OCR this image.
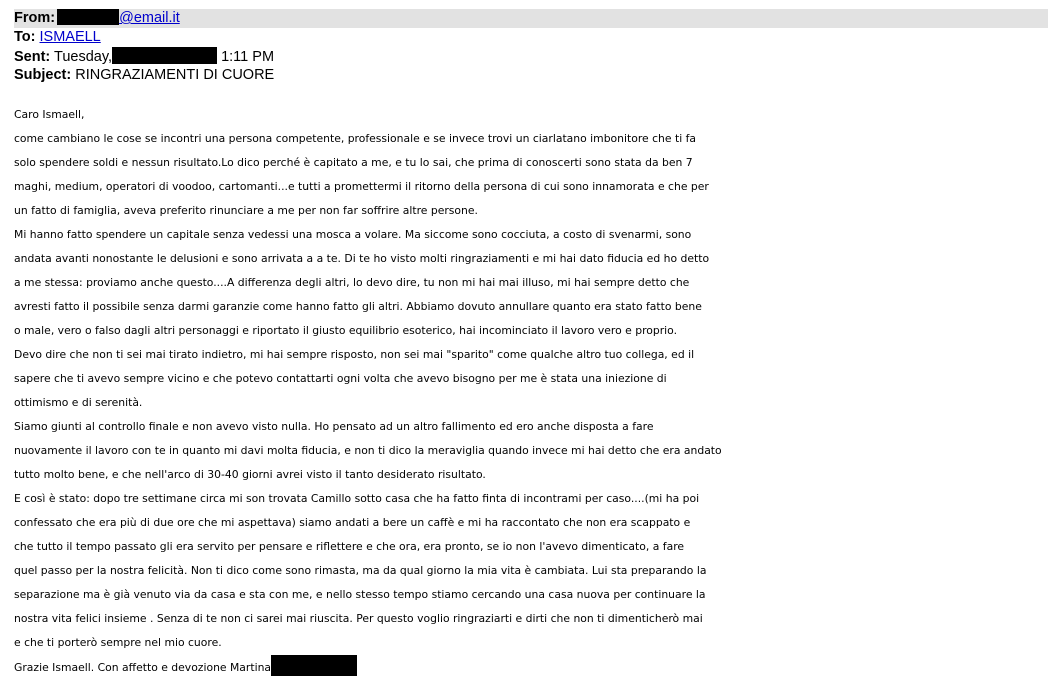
From:	@email.it
To: ISMAELL
Sent: Tuesday,	1:11 PM
Subject: RINGRAZIAMENTI DI CUORE
Caro Ismaell,
come cambiano le cose se incontri una persona competente, professionale e se invece trovi un ciarlatano imbonitore che ti fa
solo spendere soldi e nessun risultato.Lo dico perché è capitato a me, e tu lo sai, che prima di conoscerti sono stata da ben 7
maghi, medium, operatori di voodoo, cartomanti...e tutti a promettermi il ritorno della persona di cui sono innamorata e che per
un fatto di famiglia, aveva preferito rinunciare a me per non far soffrire altre persone.
Mi hanno fatto spendere un capitale senza vedessi una mosca a volare. Ma siccome sono cocciuta, a costo di svenarmi, sono
andata avanti nonostante le delusioni e sono arrivata a a te. Di te ho visto molti ringraziamenti e mi hai dato fiducia ed ho detto
a me stessa: proviamo anche questo....A differenza degli altri, lo devo dire, tu non mi hai mai illuso, mi hai sempre detto che
avresti fatto il possibile senza darmi garanzie come hanno fatto gli altri. Abbiamo dovuto annullare quanto era stato fatto bene
o male, vero o falso dagli altri personaggi e riportato il giusto equilibrio esoterico, hai incominciato il lavoro vero e proprio.
Devo dire che non ti sei mai tirato indietro, mi hai sempre risposto, non sei mai "sparito" come qualche altro tuo collega, ed il
sapere che ti avevo sempre vicino e che potevo contattarti ogni volta che avevo bisogno per me è stata una iniezione di
ottimismo e di serenità.
Siamo giunti al controllo finale e non avevo visto nulla. Ho pensato ad un altro fallimento ed ero anche disposta a fare
nuovamente il lavoro con te in quanto mi davi molta fiducia, e non ti dico la meraviglia quando invece mi hai detto che era andato
tutto molto bene, e che nell'arco di 30-40 giorni avrei visto il tanto desiderato risultato.
E così è stato: dopo tre settimane circa mi son trovata Camillo sotto casa che ha fatto finta di incontrami per caso....(mi ha poi
confessato che era più di due ore che mi aspettava) siamo andati a bere un caffè e mi ha raccontato che non era scappato e
che tutto il tempo passato gli era servito per pensare e riflettere e che ora, era pronto, se io non l'avevo dimenticato, a fare
quel passo per la nostra felicità. Non ti dico come sono rimasta, ma da qual giorno la mia vita è cambiata. Lui sta preparando la
separazione ma è già venuto via da casa e sta con me, e nello stesso tempo stiamo cercando una casa nuova per continuare la
nostra vita felici insieme . Senza di te non ci sarei mai riuscita. Per questo voglio ringraziarti e dirti che non ti dimenticherò mai
e che ti porterò sempre nel mio cuore.
Grazie Ismaell. Con affetto e devozione Martina
